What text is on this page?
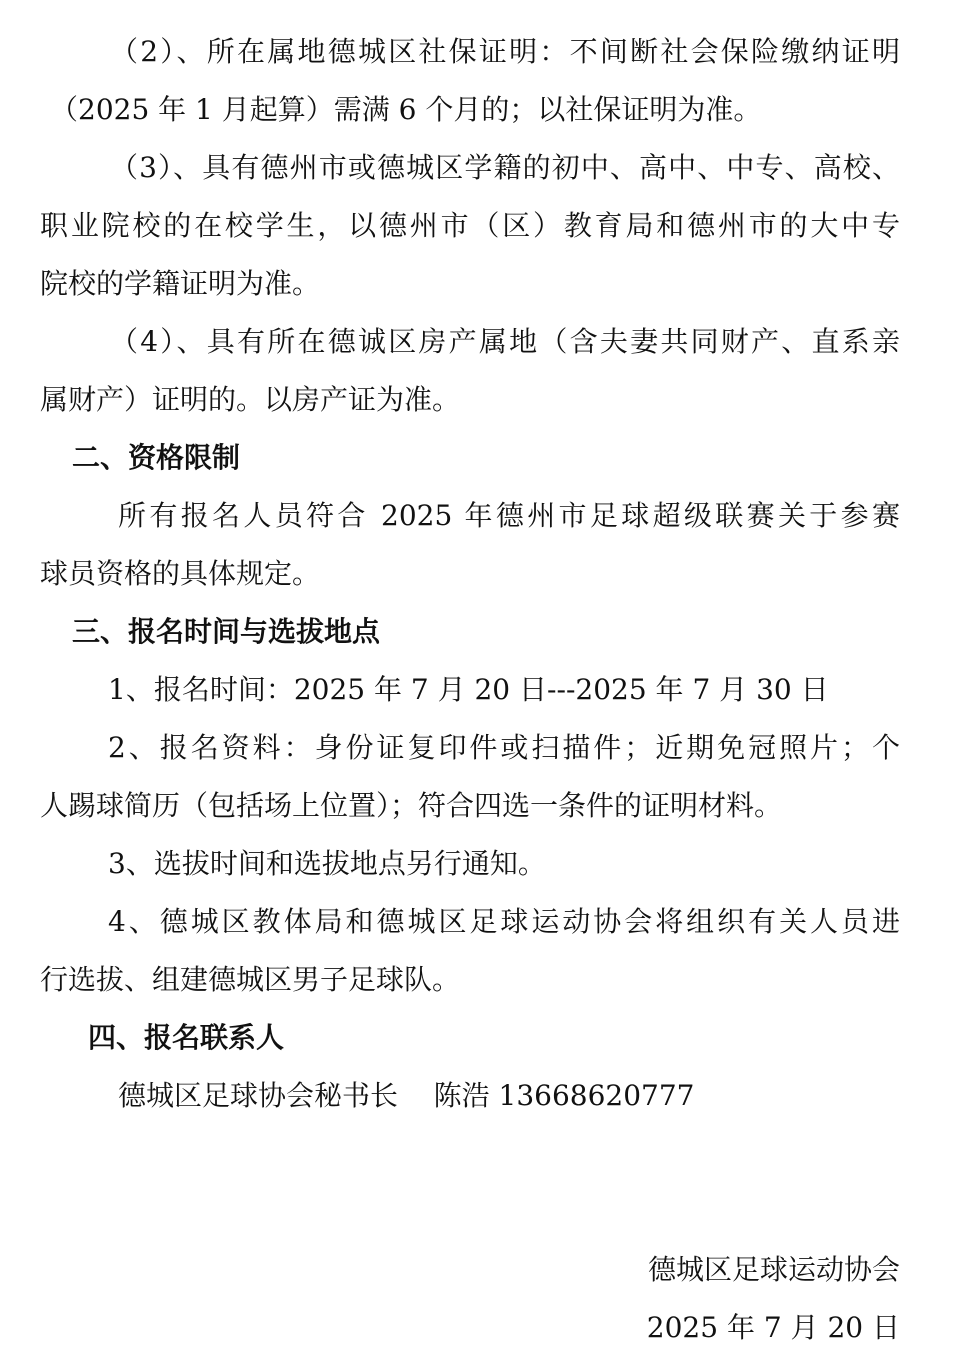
（2）、所在属地德城区社保证明：不间断社会保险缴纳证明
（2025 年 1 月起算）需满 6 个月的；以社保证明为准。
（3）、具有德州市或德城区学籍的初中、高中、中专、高校、
职业院校的在校学生，以德州市（区）教育局和德州市的大中专
院校的学籍证明为准。
（4）、具有所在德诚区房产属地（含夫妻共同财产、直系亲
属财产）证明的。以房产证为准。
二、资格限制
所有报名人员符合 2025 年德州市足球超级联赛关于参赛
球员资格的具体规定。
三、报名时间与选拔地点
1、报名时间：2025 年 7 月 20 日---2025 年 7 月 30 日
2、报名资料：身份证复印件或扫描件；近期免冠照片；个
人踢球简历（包括场上位置）；符合四选一条件的证明材料。
3、选拔时间和选拔地点另行通知。
4、德城区教体局和德城区足球运动协会将组织有关人员进
行选拔、组建德城区男子足球队。
四、报名联系人
德城区足球协会秘书长    陈浩 13668620777
德城区足球运动协会
2025 年 7 月 20 日
